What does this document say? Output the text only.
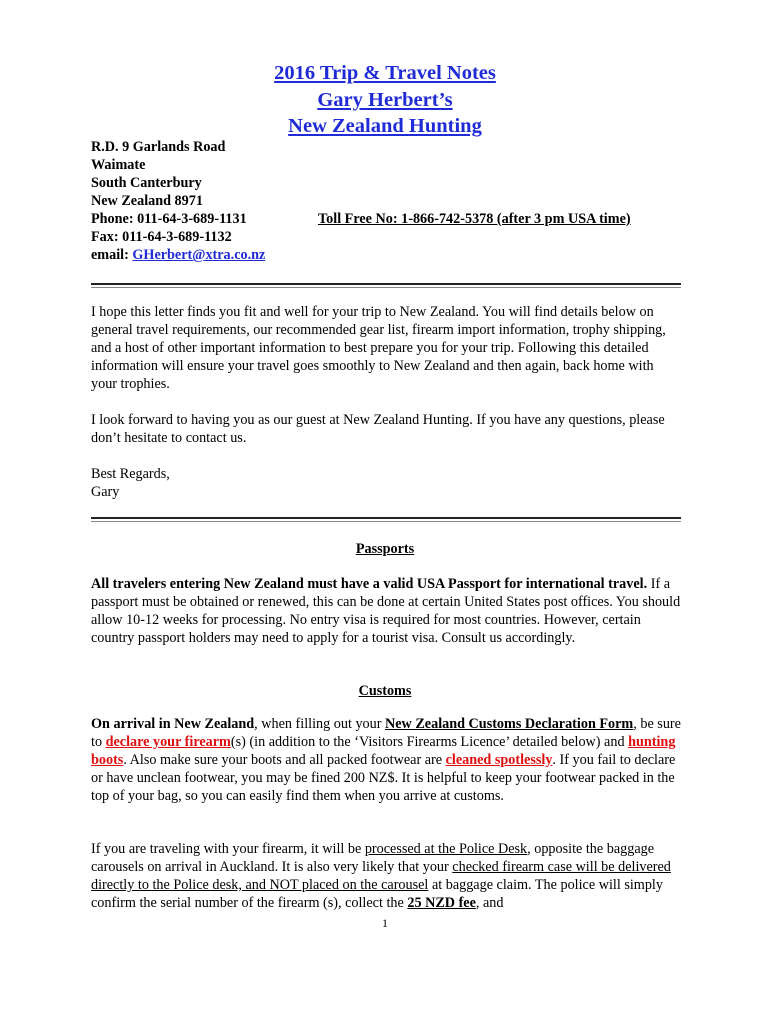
2016 Trip & Travel Notes
Gary Herbert’s
New Zealand Hunting
R.D. 9 Garlands Road
Waimate
South Canterbury
New Zealand 8971
Phone: 011-64-3-689-1131
Fax: 011-64-3-689-1132
email: GHerbert@xtra.co.nz
Toll Free No: 1-866-742-5378 (after 3 pm USA time)
I hope this letter finds you fit and well for your trip to New Zealand. You will find details below on general travel requirements, our recommended gear list, firearm import information, trophy shipping, and a host of other important information to best prepare you for your trip. Following this detailed information will ensure your travel goes smoothly to New Zealand and then again, back home with your trophies.
I look forward to having you as our guest at New Zealand Hunting. If you have any questions, please don’t hesitate to contact us.
Best Regards,
Gary
Passports
All travelers entering New Zealand must have a valid USA Passport for international travel. If a passport must be obtained or renewed, this can be done at certain United States post offices. You should allow 10-12 weeks for processing. No entry visa is required for most countries. However, certain country passport holders may need to apply for a tourist visa. Consult us accordingly.
Customs
On arrival in New Zealand, when filling out your New Zealand Customs Declaration Form, be sure to declare your firearm(s) (in addition to the ‘Visitors Firearms Licence’ detailed below) and hunting boots. Also make sure your boots and all packed footwear are cleaned spotlessly. If you fail to declare or have unclean footwear, you may be fined 200 NZ$. It is helpful to keep your footwear packed in the top of your bag, so you can easily find them when you arrive at customs.
If you are traveling with your firearm, it will be processed at the Police Desk, opposite the baggage carousels on arrival in Auckland. It is also very likely that your checked firearm case will be delivered directly to the Police desk, and NOT placed on the carousel at baggage claim. The police will simply confirm the serial number of the firearm (s), collect the 25 NZD fee, and
1
